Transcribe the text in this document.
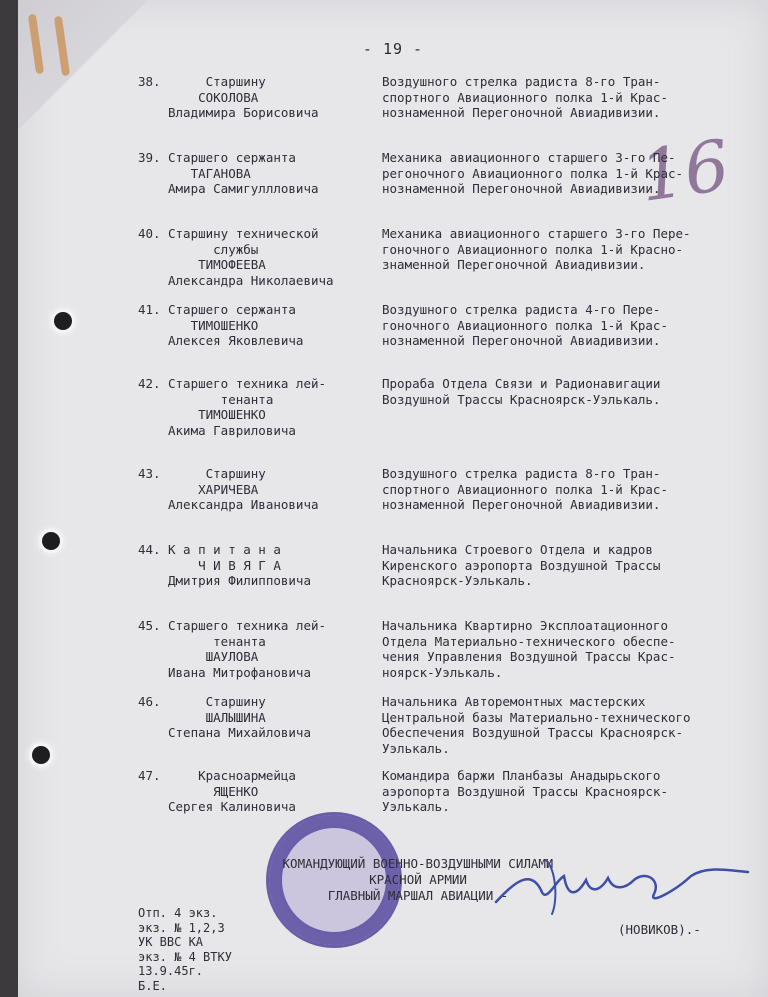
- 19 -
16
38. Старшину
СОКОЛОВА
Владимира Борисовича
Воздушного стрелка радиста 8-го Тран-
спортного Авиационного полка 1-й Крас-
нознаменной Перегоночной Авиадивизии.
39. Старшего сержанта
ТАГАНОВА
Амира Самигуллловича
Механика авиационного старшего 3-го Пе-
регоночного Авиационного полка 1-й Крас-
нознаменной Перегоночной Авиадивизии.
40. Старшину технической
службы
ТИМОФЕЕВА
Александра Николаевича
Механика авиационного старшего 3-го Пере-
гоночного Авиационного полка 1-й Красно-
знаменной Перегоночной Авиадивизии.
41. Старшего сержанта
ТИМОШЕНКО
Алексея Яковлевича
Воздушного стрелка радиста 4-го Пере-
гоночного Авиационного полка 1-й Крас-
нознаменной Перегоночной Авиадивизии.
42. Старшего техника лей-
тенанта
ТИМОШЕНКО
Акима Гавриловича
Прораба Отдела Связи и Радионавигации
Воздушной Трассы Красноярск-Уэлькаль.
43. Старшину
ХАРИЧЕВА
Александра Ивановича
Воздушного стрелка радиста 8-го Тран-
спортного Авиационного полка 1-й Крас-
нознаменной Перегоночной Авиадивизии.
44. К а п и т а н а
Ч И В Я Г А
Дмитрия Филипповича
Начальника Строевого Отдела и кадров
Киренского аэропорта Воздушной Трассы
Красноярск-Уэлькаль.
45. Старшего техника лей-
тенанта
ШАУЛОВА
Ивана Митрофановича
Начальника Квартирно Эксплоатационного
Отдела Материально-технического обеспе-
чения Управления Воздушной Трассы Крас-
ноярск-Уэлькаль.
46. Старшину
ШАЛЫШИНА
Степана Михайловича
Начальника Авторемонтных мастерских
Центральной базы Материально-технического
Обеспечения Воздушной Трассы Красноярск-
Уэлькаль.
47. Красноармейца
ЯЩЕНКО
Сергея Калиновича
Командира баржи Планбазы Анадырьского
аэропорта Воздушной Трассы Красноярск-
Уэлькаль.
КОМАНДУЮЩИЙ ВОЕННО-ВОЗДУШНЫМИ СИЛАМИ
КРАСНОЙ АРМИИ
ГЛАВНЫЙ МАРШАЛ АВИАЦИИ -
(НОВИКОВ).-
Отп. 4 экз.
экз. № 1,2,3
УК ВВС КА
экз. № 4 ВТКУ
13.9.45г.
Б.Е.
